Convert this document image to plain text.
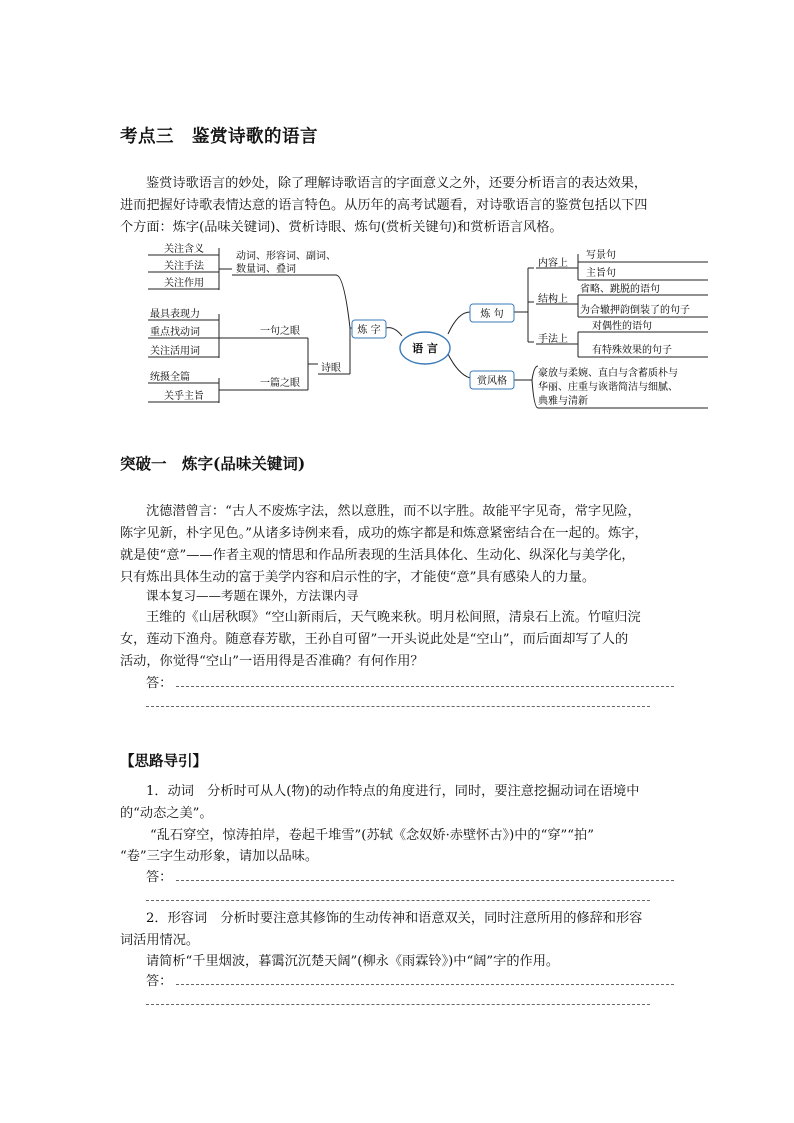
考点三　鉴赏诗歌的语言
鉴赏诗歌语言的妙处，除了理解诗歌语言的字面意义之外，还要分析语言的表达效果，
进而把握好诗歌表情达意的语言特色。从历年的高考试题看，对诗歌语言的鉴赏包括以下四
个方面：炼字(品味关键词)、赏析诗眼、炼句(赏析关键句)和赏析语言风格。
动词、形容词、副词、
数量词、叠词
关注含义
关注手法
关注作用
最具表现力
重点找动词
关注活用词
一句之眼
统摄全篇
关乎主旨
一篇之眼
诗眼
炼 字
语 言
炼 句
赏风格
内容上
结构上
手法上
写景句
主旨句
省略、跳脱的语句
为合辙押韵倒装了的句子
对偶性的语句
有特殊效果的句子
豪放与柔婉、直白与含蓄质朴与
华丽、庄重与诙谐简洁与细腻、
典雅与清新
突破一　炼字(品味关键词)
沈德潜曾言：“古人不废炼字法，然以意胜，而不以字胜。故能平字见奇，常字见险，
陈字见新，朴字见色。”从诸多诗例来看，成功的炼字都是和炼意紧密结合在一起的。炼字，
就是使“意”——作者主观的情思和作品所表现的生活具体化、生动化、纵深化与美学化，
只有炼出具体生动的富于美学内容和启示性的字，才能使“意”具有感染人的力量。
课本复习——考题在课外，方法课内寻
王维的《山居秋暝》“空山新雨后，天气晚来秋。明月松间照，清泉石上流。竹喧归浣
女，莲动下渔舟。随意春芳歇，王孙自可留”一开头说此处是“空山”，而后面却写了人的
活动，你觉得“空山”一语用得是否准确？有何作用？
答：
【思路导引】
1．动词　分析时可从人(物)的动作特点的角度进行，同时，要注意挖掘动词在语境中
的“动态之美”。
“乱石穿空，惊涛拍岸，卷起千堆雪”(苏轼《念奴娇·赤壁怀古》)中的“穿”“拍”
“卷”三字生动形象，请加以品味。
答：
2．形容词　分析时要注意其修饰的生动传神和语意双关，同时注意所用的修辞和形容
词活用情况。
请简析“千里烟波，暮霭沉沉楚天阔”(柳永《雨霖铃》)中“阔”字的作用。
答：
